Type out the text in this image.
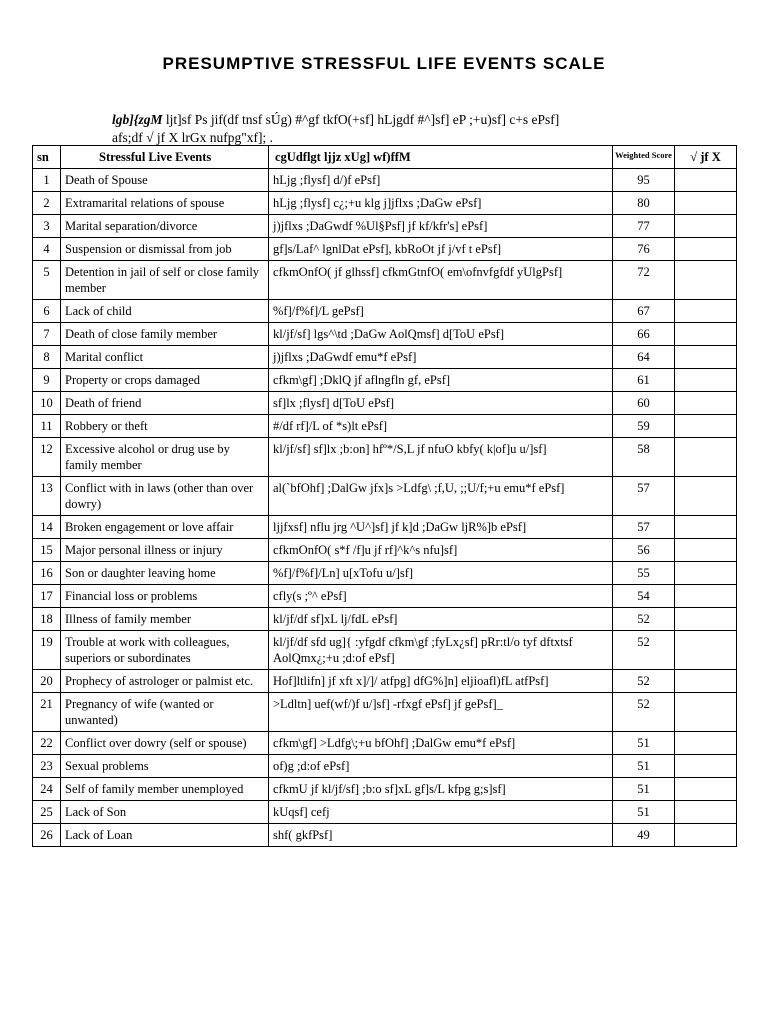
PRESUMPTIVE STRESSFUL LIFE EVENTS SCALE
lgb]{zgM ljt]sf Ps jif(df tnsf sÚg) #^gf tkfO(+sf] hLjgdf #^]sf] eP ;+u)sf] c+s ePsf]
afs;df √ jf X lrGx nufpg"xf]; .
sn	Stressful Live Events	cgUdflgt ljjz xUg] wf)ffM	Weighted Score	√ jf X
1	Death of Spouse	hLjg ;flysf] d/)f ePsf]	95	
2	Extramarital relations of spouse	hLjg ;flysf] c¿;+u klg j]jflxs ;DaGw ePsf]	80	
3	Marital separation/divorce	j)jflxs ;DaGwdf %Ul§Psf] jf kf/kfr's] ePsf]	77	
4	Suspension or dismissal from job	gf]s/Laf^ lgnlDat ePsf], kbRoOt jf j/vf t ePsf]	76	
5	Detention in jail of self or close family member	cfkmOnfO( jf glhssf] cfkmGtnfO( em\ofnvfgfdf yUlgPsf]	72	
6	Lack of child	%f]/f%f]/L gePsf]	67	
7	Death of close family member	kl/jf/sf] lgs^\td ;DaGw AolQmsf] d[ToU ePsf]	66	
8	Marital conflict	j)jflxs ;DaGwdf emu*f ePsf]	64	
9	Property or crops damaged	cfkm\gf] ;DklQ jf aflngfln gf, ePsf]	61	
10	Death of friend	sf]lx ;flysf] d[ToU ePsf]	60	
11	Robbery or theft	#/df rf]/L of *s)lt ePsf]	59	
12	Excessive alcohol or drug use by family member	kl/jf/sf] sf]lx ;b:on] hfº*/S,L jf nfuO kbfy( k|of]u u/]sf]	58	
13	Conflict with in laws (other than over dowry)	al(`bfOhf] ;DalGw jfx]s >Ldfg\ ;f,U, ;;U/f;+u emu*f ePsf]	57	
14	Broken engagement or love affair	ljjfxsf] nflu jrg ^U^]sf] jf k]d ;DaGw ljR%]b ePsf]	57	
15	Major personal illness or injury	cfkmOnfO( s*f /f]u jf rf]^k^s nfu]sf]	56	
16	Son or daughter leaving home	%f]/f%f]/Ln] u[xTofu u/]sf]	55	
17	Financial loss or problems	cfly(s ;º^ ePsf]	54	
18	Illness of family member	kl/jf/df sf]xL lj/fdL ePsf]	52	
19	Trouble at work with colleagues, superiors or subordinates	kl/jf/df sfd ug]{ :yfgdf cfkm\gf ;fyLx¿sf] pRr:tl/o tyf dftxtsf AolQmx¿;+u ;d:of ePsf]	52	
20	Prophecy of astrologer or palmist etc.	Hof]ltlifn] jf xft x]/]/ atfpg] dfG%]n] eljioafl)fL atfPsf]	52	
21	Pregnancy of wife (wanted or unwanted)	>Ldltn] uef(wf/)f u/]sf] -rfxgf ePsf] jf gePsf]_	52	
22	Conflict over dowry (self or spouse)	cfkm\gf] >Ldfg\;+u bfOhf] ;DalGw emu*f ePsf]	51	
23	Sexual problems	of)g ;d:of ePsf]	51	
24	Self of family member unemployed	cfkmU jf kl/jf/sf] ;b:o sf]xL gf]s/L kfpg g;s]sf]	51	
25	Lack of Son	kUqsf] cefj	51	
26	Lack of Loan	shf( gkfPsf]	49	
